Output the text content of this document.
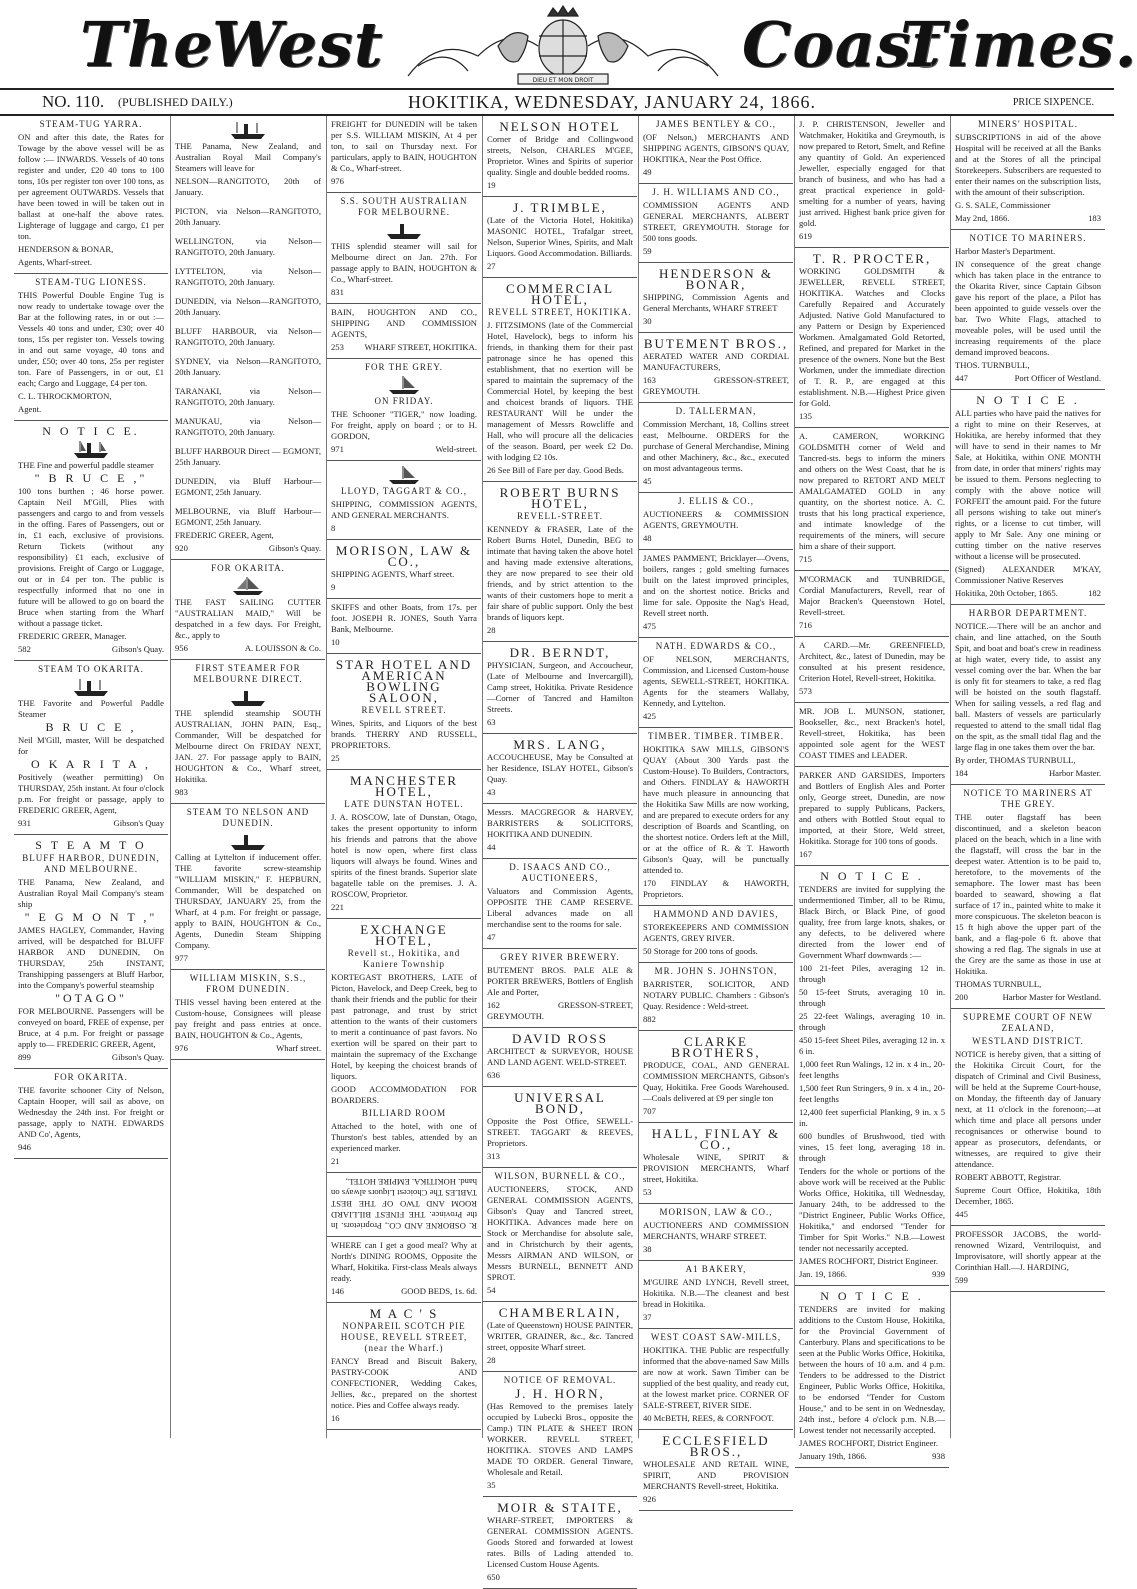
The
West	DIEU ET MON DROIT Coast
Times.
NO. 110. (PUBLISHED DAILY.)	HOKITIKA, WEDNESDAY, JANUARY 24, 1866.	PRICE SIXPENCE.
STEAM-TUG YARRA.

ON and after this date, the Rates for Towage by the above vessel will be as follow :— INWARDS. Vessels of 40 tons register and under, £20 40 tons to 100 tons, 10s per register ton over 100 tons, as per agreement OUTWARDS. Vessels that have been towed in will be taken out in ballast at one-half the above rates. Lighterage of luggage and cargo, £1 per ton.

HENDERSON & BONAR,

Agents, Wharf-street.

STEAM-TUG LIONESS.

THIS Powerful Double Engine Tug is now ready to undertake towage over the Bar at the following rates, in or out :— Vessels 40 tons and under, £30; over 40 tons, 15s per register ton. Vessels towing in and out same voyage, 40 tons and under, £50; over 40 tons, 25s per register ton. Fare of Passengers, in or out, £1 each; Cargo and Luggage, £4 per ton.

C. L. THROCKMORTON,

Agent.

N O T I C E.

THE Fine and powerful paddle steamer

" B R U C E ,"

100 tons burthen ; 46 horse power. Captain Neil M'Gill, Plies with passengers and cargo to and from vessels in the offing. Fares of Passengers, out or in, £1 each, exclusive of provisions. Return Tickets (without any responsibility) £1 each, exclusive of provisions. Freight of Cargo or Luggage, out or in £4 per ton. The public is respectfully informed that no one in future will be allowed to go on board the Bruce when starting from the Wharf without a passage ticket.

FREDERIC GREER, Manager.

582	Gibson's Quay.

STEAM TO OKARITA.

THE Favorite and Powerful Paddle Steamer

B R U C E ,

Neil M'Gill, master, Will be despatched for

O K A R I T A ,

Positively (weather permitting) On THURSDAY, 25th instant. At four o'clock p.m. For freight or passage, apply to FREDERIC GREER, Agent,

931	Gibson's Quay

S T E A M T O
BLUFF HARBOR, DUNEDIN, AND MELBOURNE.

THE Panama, New Zealand, and Australian Royal Mail Company's steam ship

" E G M O N T ,"

JAMES HAGLEY, Commander, Having arrived, will be despatched for BLUFF HARBOR AND DUNEDIN, On THURSDAY, 25th INSTANT, Transhipping passengers at Bluff Harbor, into the Company's powerful steamship

"OTAGO"

FOR MELBOURNE. Passengers will be conveyed on board, FREE of expense, per Bruce, at 4 p.m. For freight or passage apply to— FREDERIC GREER, Agent,

899	Gibson's Quay.

FOR OKARITA.

THE favorite schooner City of Nelson, Captain Hooper, will sail as above, on Wednesday the 24th inst. For freight or passage, apply to NATH. EDWARDS AND Co', Agents,

946

THE Panama, New Zealand, and Australian Royal Mail Company's Steamers will leave for

NELSON—RANGITOTO, 20th of January.

PICTON, via Nelson—RANGITOTO, 20th January.

WELLINGTON, via Nelson—RANGITOTO, 20th January.

LYTTELTON, via Nelson—RANGITOTO, 20th January.

DUNEDIN, via Nelson—RANGITOTO, 20th January.

BLUFF HARBOUR, via Nelson—RANGITOTO, 20th January.

SYDNEY, via Nelson—RANGITOTO, 20th January.

TARANAKI, via Nelson—RANGITOTO, 20th January.

MANUKAU, via Nelson—RANGITOTO, 20th January.

BLUFF HARBOUR Direct — EGMONT, 25th January.

DUNEDIN, via Bluff Harbour—EGMONT, 25th January.

MELBOURNE, via Bluff Harbour—EGMONT, 25th January.

FREDERIC GREER, Agent,

920	Gibson's Quay.

FOR OKARITA.

THE FAST SAILING CUTTER "AUSTRALIAN MAID," Will be despatched in a few days. For Freight, &c., apply to

956	A. LOUISSON & Co.

FIRST STEAMER FOR MELBOURNE DIRECT.

THE splendid steamship SOUTH AUSTRALIAN, JOHN PAIN, Esq., Commander, Will be despatched for Melbourne direct On FRIDAY NEXT, JAN. 27. For passage apply to BAIN, HOUGHTON & Co., Wharf street, Hokitika.

983

STEAM TO NELSON AND DUNEDIN.

Calling at Lyttelton if inducement offer. THE favorite screw-steamship "WILLIAM MISKIN," F. HEPBURN, Commander, Will be despatched on THURSDAY, JANUARY 25, from the Wharf, at 4 p.m. For freight or passage, apply to BAIN, HOUGHTON & Co., Agents, Dunedin Steam Shipping Company.

977

WILLIAM MISKIN, S.S., FROM DUNEDIN.

THIS vessel having been entered at the Custom-house, Consignees will please pay freight and pass entries at once. BAIN, HOUGHTON & Co., Agents,

976	Wharf street.

FREIGHT for DUNEDIN will be taken per S.S. WILLIAM MISKIN, At 4 per ton, to sail on Thursday next. For particulars, apply to BAIN, HOUGHTON & Co., Wharf-street.

976

S.S. SOUTH AUSTRALIAN FOR MELBOURNE.

THIS splendid steamer will sail for Melbourne direct on Jan. 27th. For passage apply to BAIN, HOUGHTON & Co., Wharf-street.

831

BAIN, HOUGHTON AND CO., SHIPPING AND COMMISSION AGENTS,

253 WHARF STREET, HOKITIKA.

FOR THE GREY.
ON FRIDAY.

THE Schooner "TIGER," now loading. For freight, apply on board ; or to H. GORDON,

971	Weld-street.

LLOYD, TAGGART & CO.,

SHIPPING, COMMISSION AGENTS, AND GENERAL MERCHANTS.

8

MORISON, LAW & CO.,

SHIPPING AGENTS, Wharf street.

9

SKIFFS and other Boats, from 17s. per foot. JOSEPH R. JONES, South Yarra Bank, Melbourne.

10

STAR HOTEL AND AMERICAN BOWLING SALOON,
REVELL STREET.

Wines, Spirits, and Liquors of the best brands. THERRY AND RUSSELL, PROPRIETORS.

25

MANCHESTER HOTEL,
LATE DUNSTAN HOTEL.

J. A. ROSCOW, late of Dunstan, Otago, takes the present opportunity to inform his friends and patrons that the above hotel is now open, where first class liquors will always be found. Wines and spirits of the finest brands. Superior slate bagatelle table on the premises. J. A. ROSCOW, Proprietor.

221

EXCHANGE HOTEL,
Revell st., Hokitika, and Kaniere Township

KORTEGAST BROTHERS, LATE of Picton, Havelock, and Deep Creek, beg to thank their friends and the public for their past patronage, and trust by strict attention to the wants of their customers to merit a continuance of past favors. No exertion will be spared on their part to maintain the supremacy of the Exchange Hotel, by keeping the choicest brands of liquors.

GOOD ACCOMMODATION FOR BOARDERS.

BILLIARD ROOM

Attached to the hotel, with one of Thurston's best tables, attended by an experienced marker.

21

R. OSBORNE AND CO., Proprietors. In the Province. THE FINEST BILLIARD ROOM AND TWO OF THE BEST TABLES The Choicest Liquors always on hand. HOKITIKA. EMPIRE HOTEL,

WHERE can I get a good meal? Why at North's DINING ROOMS, Opposite the Wharf, Hokitika. First-class Meals always ready.

146	GOOD BEDS, 1s. 6d.

M A C ' S
NONPAREIL SCOTCH PIE HOUSE, REVELL STREET, (near the Wharf.)

FANCY Bread and Biscuit Bakery, PASTRY-COOK AND CONFECTIONER, Wedding Cakes, Jellies, &c., prepared on the shortest notice. Pies and Coffee always ready.

16

NELSON HOTEL

Corner of Bridge and Collingwood streets, Nelson, CHARLES M'GEE, Proprietor. Wines and Spirits of superior quality. Single and double bedded rooms.

19

J. TRIMBLE,

(Late of the Victoria Hotel, Hokitika) MASONIC HOTEL, Trafalgar street, Nelson, Superior Wines, Spirits, and Malt Liquors. Good Accommodation. Billiards.

27

COMMERCIAL HOTEL,
REVELL STREET, HOKITIKA.

J. FITZSIMONS (late of the Commercial Hotel, Havelock), begs to inform his friends, in thanking them for their past patronage since he has opened this establishment, that no exertion will be spared to maintain the supremacy of the Commercial Hotel, by keeping the best and choicest brands of liquors. THE RESTAURANT Will be under the management of Messrs Rowcliffe and Hall, who will procure all the delicacies of the season. Board, per week £2 Do. with lodging £2 10s.

26 See Bill of Fare per day. Good Beds.

ROBERT BURNS HOTEL,
REVELL-STREET.

KENNEDY & FRASER, Late of the Robert Burns Hotel, Dunedin, BEG to intimate that having taken the above hotel and having made extensive alterations, they are now prepared to see their old friends, and by strict attention to the wants of their customers hope to merit a fair share of public support. Only the best brands of liquors kept.

28

DR. BERNDT,

PHYSICIAN, Surgeon, and Accoucheur, (Late of Melbourne and Invercargill), Camp street, Hokitika. Private Residence—Corner of Tancred and Hamilton Streets.

63

MRS. LANG,

ACCOUCHEUSE, May be Consulted at her Residence, ISLAY HOTEL, Gibson's Quay.

43

Messrs. MACGREGOR & HARVEY, BARRISTERS & SOLICITORS, HOKITIKA AND DUNEDIN.

44

D. ISAACS AND CO., AUCTIONEERS,

Valuators and Commission Agents, OPPOSITE THE CAMP RESERVE. Liberal advances made on all merchandise sent to the rooms for sale.

47

GREY RIVER BREWERY.

BUTEMENT BROS. PALE ALE & PORTER BREWERS, Bottlers of English Ale and Porter,

162	GRESSON-STREET, GREYMOUTH.

DAVID ROSS

ARCHITECT & SURVEYOR, HOUSE AND LAND AGENT. WELD-STREET.

636

UNIVERSAL BOND,

Opposite the Post Office, SEWELL-STREET. TAGGART & REEVES, Proprietors.

313

WILSON, BURNELL & CO.,

AUCTIONEERS, STOCK, AND GENERAL COMMISSION AGENTS, Gibson's Quay and Tancred street, HOKITIKA. Advances made here on Stock or Merchandise for absolute sale, and in Christchurch by their agents, Messrs AIRMAN AND WILSON, or Messrs BURNELL, BENNETT AND SPROT.

54

CHAMBERLAIN,

(Late of Queenstown) HOUSE PAINTER, WRITER, GRAINER, &c., &c. Tancred street, opposite Wharf street.

28

NOTICE OF REMOVAL.
J. H. HORN,

(Has Removed to the premises lately occupied by Lubecki Bros., opposite the Camp.) TIN PLATE & SHEET IRON WORKER. REVELL STREET, HOKITIKA. STOVES AND LAMPS MADE TO ORDER. General Tinware, Wholesale and Retail.

35

MOIR & STAITE,

WHARF-STREET, IMPORTERS & GENERAL COMMISSION AGENTS. Goods Stored and forwarded at lowest rates. Bills of Lading attended to. Licensed Custom House Agents.

650

JAMES BENTLEY & CO.,

(OF Nelson,) MERCHANTS AND SHIPPING AGENTS, GIBSON'S QUAY, HOKITIKA, Near the Post Office.

49

J. H. WILLIAMS AND CO.,

COMMISSION AGENTS AND GENERAL MERCHANTS, ALBERT STREET, GREYMOUTH. Storage for 500 tons goods.

59

HENDERSON & BONAR,

SHIPPING, Commission Agents and General Merchants, WHARF STREET

30

BUTEMENT BROS.,

AERATED WATER AND CORDIAL MANUFACTURERS,

163	GRESSON-STREET, GREYMOUTH.

D. TALLERMAN,

Commission Merchant, 18, Collins street east, Melbourne. ORDERS for the purchase of General Merchandise, Mining and other Machinery, &c., &c., executed on most advantageous terms.

45

J. ELLIS & CO.,

AUCTIONEERS & COMMISSION AGENTS, GREYMOUTH.

48

JAMES PAMMENT, Bricklayer—Ovens, boilers, ranges ; gold smelting furnaces built on the latest improved principles, and on the shortest notice. Bricks and lime for sale. Opposite the Nag's Head, Revell street north.

475

NATH. EDWARDS & CO.,

OF NELSON, MERCHANTS, Commission, and Licensed Custom-house agents, SEWELL-STREET, HOKITIKA. Agents for the steamers Wallaby, Kennedy, and Lyttelton.

425

TIMBER. TIMBER. TIMBER.

HOKITIKA SAW MILLS, GIBSON'S QUAY (About 300 Yards past the Custom-House). To Builders, Contractors, and Others. FINDLAY & HAWORTH have much pleasure in announcing that the Hokitika Saw Mills are now working, and are prepared to execute orders for any description of Boards and Scantling, on the shortest notice. Orders left at the Mill, or at the office of R. & T. Haworth Gibson's Quay, will be punctually attended to.

170 FINDLAY & HAWORTH, Proprietors.

HAMMOND AND DAVIES,

STOREKEEPERS AND COMMISSION AGENTS, GREY RIVER.

50 Storage for 200 tons of goods.

MR. JOHN S. JOHNSTON,

BARRISTER, SOLICITOR, AND NOTARY PUBLIC. Chambers : Gibson's Quay. Residence : Weld-street.

882

CLARKE BROTHERS,

PRODUCE, COAL, AND GENERAL COMMISSION MERCHANTS, Gibson's Quay, Hokitika. Free Goods Warehoused.—Coals delivered at £9 per single ton

707

HALL, FINLAY & CO.,

Wholesale WINE, SPIRIT & PROVISION MERCHANTS, Wharf street, Hokitika.

53

MORISON, LAW & CO.,

AUCTIONEERS AND COMMISSION MERCHANTS, WHARF STREET.

38

A1 BAKERY,

M'GUIRE AND LYNCH, Revell street, Hokitika. N.B.—The cleanest and best bread in Hokitika.

37

WEST COAST SAW-MILLS,

HOKITIKA. THE Public are respectfully informed that the above-named Saw Mills are now at work. Sawn Timber can be supplied of the best quality, and ready cut, at the lowest market price. CORNER OF SALE-STREET, RIVER SIDE.

40 McBETH, REES, & CORNFOOT.

ECCLESFIELD BROS.,

WHOLESALE AND RETAIL WINE, SPIRIT, AND PROVISION MERCHANTS Revell-street, Hokitika.

926

J. P. CHRISTENSON, Jeweller and Watchmaker, Hokitika and Greymouth, is now prepared to Retort, Smelt, and Refine any quantity of Gold. An experienced Jeweller, especially engaged for that branch of business, and who has had a great practical experience in gold-smelting for a number of years, having just arrived. Highest bank price given for gold.

619

T. R. PROCTER,

WORKING GOLDSMITH & JEWELLER, REVELL STREET, HOKITIKA. Watches and Clocks Carefully Repaired and Accurately Adjusted. Native Gold Manufactured to any Pattern or Design by Experienced Workmen. Amalgamated Gold Retorted, Refined, and prepared for Market in the presence of the owners. None but the Best Workmen, under the immediate direction of T. R. P., are engaged at this establishment. N.B.—Highest Price given for Gold.

135

A. CAMERON, WORKING GOLDSMITH corner of Weld and Tancred-sts. begs to inform the miners and others on the West Coast, that he is now prepared to RETORT AND MELT AMALGAMATED GOLD in any quantity, on the shortest notice. A. C. trusts that his long practical experience, and intimate knowledge of the requirements of the miners, will secure him a share of their support.

715

M'CORMACK and TUNBRIDGE, Cordial Manufacturers, Revell, rear of Major Bracken's Queenstown Hotel, Revell-street.

716

A CARD.—Mr. GREENFIELD, Architect, &c., latest of Dunedin, may be consulted at his present residence, Criterion Hotel, Revell-street, Hokitika.

573

MR. JOB L. MUNSON, stationer, Bookseller, &c., next Bracken's hotel, Revell-street, Hokitika, has been appointed sole agent for the WEST COAST TIMES and LEADER.

PARKER AND GARSIDES, Importers and Bottlers of English Ales and Porter only, George street, Dunedin, are now prepared to supply Publicans, Packers, and others with Bottled Stout equal to imported, at their Store, Weld street, Hokitika. Storage for 100 tons of goods.

167

N O T I C E .

TENDERS are invited for supplying the undermentioned Timber, all to be Rimu, Black Birch, or Black Pine, of good quality, free from large knots, shakes, or any defects, to be delivered where directed from the lower end of Government Wharf downwards :—

100 21-feet Piles, averaging 12 in. through

50 15-feet Struts, averaging 10 in. through

25 22-feet Walings, averaging 10 in. through

450 15-feet Sheet Piles, averaging 12 in. x 6 in.

1,000 feet Run Walings, 12 in. x 4 in., 20-feet lengths

1,500 feet Run Stringers, 9 in. x 4 in., 20-feet lengths

12,400 feet superficial Planking, 9 in. x 5 in.

600 bundles of Brushwood, tied with vines, 15 feet long, averaging 18 in. through

Tenders for the whole or portions of the above work will be received at the Public Works Office, Hokitika, till Wednesday, January 24th, to be addressed to the "District Engineer, Public Works Office, Hokitika," and endorsed "Tender for Timber for Spit Works." N.B.—Lowest tender not necessarily accepted.

JAMES ROCHFORT, District Engineer.

Jan. 19, 1866.	939

N O T I C E .

TENDERS are invited for making additions to the Custom House, Hokitika, for the Provincial Government of Canterbury. Plans and specifications to be seen at the Public Works Office, Hokitika, between the hours of 10 a.m. and 4 p.m. Tenders to be addressed to the District Engineer, Public Works Office, Hokitika, to be endorsed "Tender for Custom House," and to be sent in on Wednesday, 24th inst., before 4 o'clock p.m. N.B.—Lowest tender not necessarily accepted.

JAMES ROCHFORT, District Engineer.

January 19th, 1866.	938

MINERS' HOSPITAL.

SUBSCRIPTIONS in aid of the above Hospital will be received at all the Banks and at the Stores of all the principal Storekeepers. Subscribers are requested to enter their names on the subscription lists, with the amount of their subscription.

G. S. SALE, Commissioner

May 2nd, 1866.	183

NOTICE TO MARINERS.

Harbor Master's Department.

IN consequence of the great change which has taken place in the entrance to the Okarita River, since Captain Gibson gave his report of the place, a Pilot has been appointed to guide vessels over the bar. Two White Flags, attached to moveable poles, will be used until the increasing requirements of the place demand improved beacons.

THOS. TURNBULL,

447	Port Officer of Westland.

N O T I C E .

ALL parties who have paid the natives for a right to mine on their Reserves, at Hokitika, are hereby informed that they will have to send in their names to Mr Sale, at Hokitika, within ONE MONTH from date, in order that miners' rights may be issued to them. Persons neglecting to comply with the above notice will FORFEIT the amount paid. For the future all persons wishing to take out miner's rights, or a license to cut timber, will apply to Mr Sale. Any one mining or cutting timber on the native reserves without a license will be prosecuted.

(Signed) ALEXANDER M'KAY, Commissioner Native Reserves

Hokitika, 20th October, 1865.	182

HARBOR DEPARTMENT.

NOTICE.—There will be an anchor and chain, and line attached, on the South Spit, and boat and boat's crew in readiness at high water, every tide, to assist any vessel coming over the bar. When the bar is only fit for steamers to take, a red flag will be hoisted on the south flagstaff. When for sailing vessels, a red flag and ball. Masters of vessels are particularly requested to attend to the small tidal flag on the spit, as the small tidal flag and the large flag in one takes them over the bar.

By order, THOMAS TURNBULL,

184	Harbor Master.

NOTICE TO MARINERS AT THE GREY.

THE outer flagstaff has been discontinued, and a skeleton beacon placed on the beach, which in a line with the flagstaff, will cross the bar in the deepest water. Attention is to be paid to, heretofore, to the movements of the semaphore. The lower mast has been boarded to seaward, showing a flat surface of 17 in., painted white to make it more conspicuous. The skeleton beacon is 15 ft high above the upper part of the bank, and a flag-pole 6 ft. above that showing a red flag. The signals in use at the Grey are the same as those in use at Hokitika.

THOMAS TURNBULL,

200	Harbor Master for Westland.

SUPREME COURT OF NEW ZEALAND,
WESTLAND DISTRICT.

NOTICE is hereby given, that a sitting of the Hokitika Circuit Court, for the dispatch of Criminal and Civil Business, will be held at the Supreme Court-house, on Monday, the fifteenth day of January next, at 11 o'clock in the forenoon;—at which time and place all persons under recognisances or otherwise bound to appear as prosecutors, defendants, or witnesses, are required to give their attendance.

ROBERT ABBOTT, Registrar.

Supreme Court Office, Hokitika, 18th December, 1865.

445

PROFESSOR JACOBS, the world-renowned Wizard, Ventriloquist, and Improvisatore, will shortly appear at the Corinthian Hall.—J. HARDING,

599
